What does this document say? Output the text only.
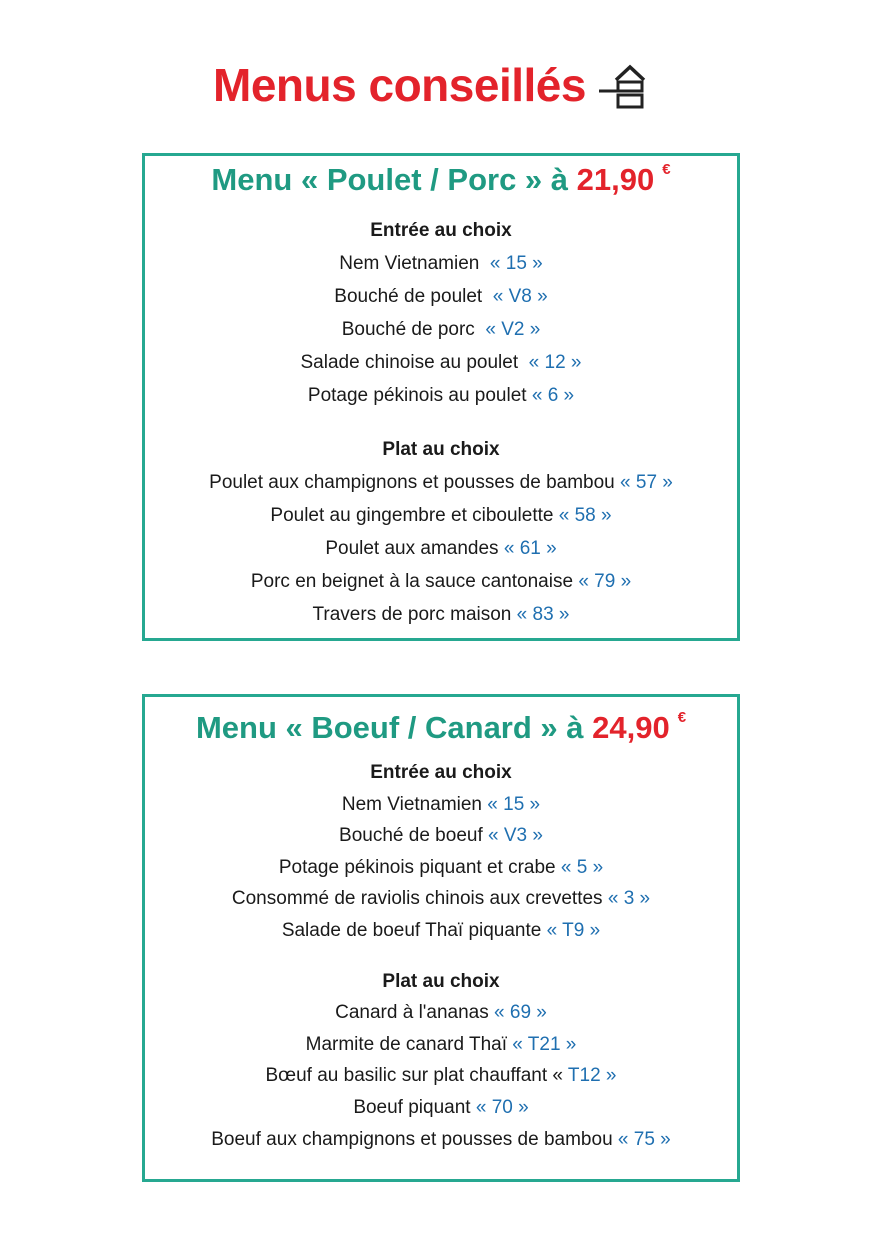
Menus conseillés
Menu « Poulet / Porc » à 21,90 €
Entrée au choix
Nem Vietnamien « 15 »
Bouché de poulet « V8 »
Bouché de porc « V2 »
Salade chinoise au poulet « 12 »
Potage pékinois au poulet « 6 »
Plat au choix
Poulet aux champignons et pousses de bambou « 57 »
Poulet au gingembre et ciboulette « 58 »
Poulet aux amandes « 61 »
Porc en beignet à la sauce cantonaise « 79 »
Travers de porc maison « 83 »
Menu « Boeuf / Canard » à 24,90 €
Entrée au choix
Nem Vietnamien « 15 »
Bouché de boeuf « V3 »
Potage pékinois piquant et crabe « 5 »
Consommé de raviolis chinois aux crevettes « 3 »
Salade de boeuf Thaï piquante « T9 »
Plat au choix
Canard à l'ananas « 69 »
Marmite de canard Thaï « T21 »
Bœuf au basilic sur plat chauffant « T12 »
Boeuf piquant « 70 »
Boeuf aux champignons et pousses de bambou « 75 »
